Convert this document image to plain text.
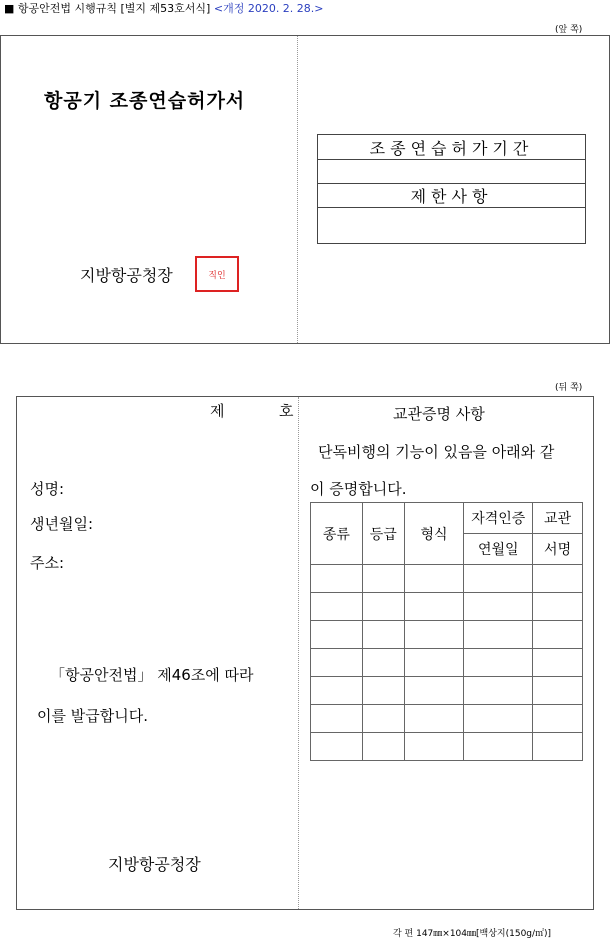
■ 항공안전법 시행규칙 [별지 제53호서식] <개정 2020. 2. 28.>
(앞 쪽)
항공기 조종연습허가서
지방항공청장	직인
조종연습허가기간
제한사항
(뒤 쪽)
제	호
성명:
생년월일:
주소:
「항공안전법」 제46조에 따라
이를 발급합니다.
지방항공청장
교관증명 사항
단독비행의 기능이 있음을 아래와 같
이 증명합니다.
종류	등급	형식	자격인증	교관
			연월일	서명

각 편 147㎜×104㎜[백상지(150g/㎡)]
